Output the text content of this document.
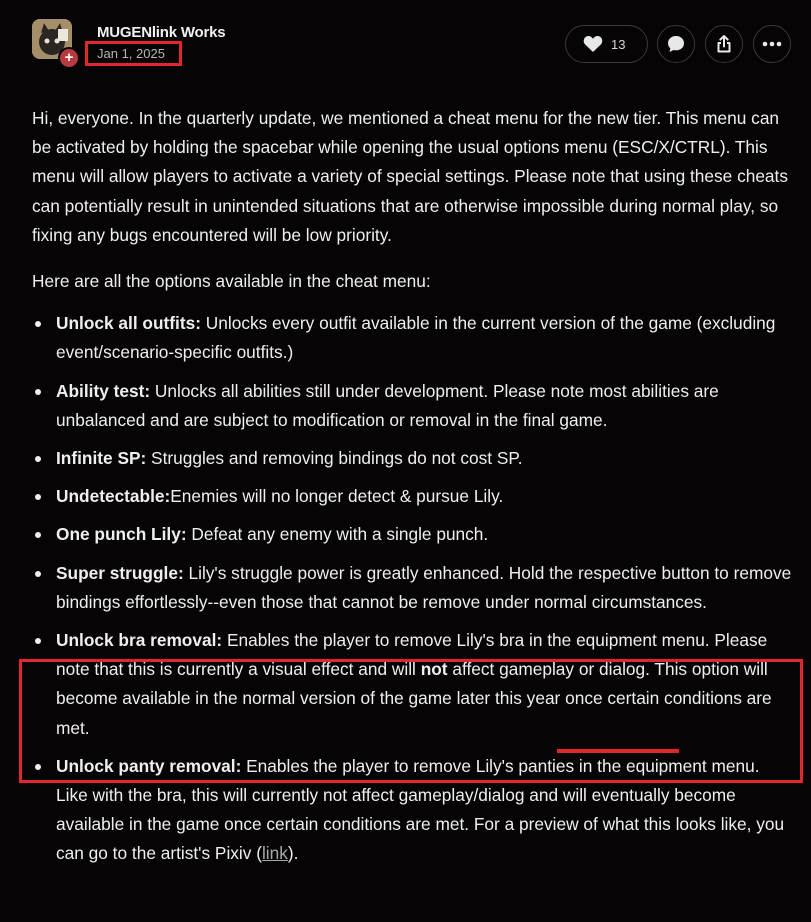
+
MUGENlink Works
Jan 1, 2025
13

Hi, everyone. In the quarterly update, we mentioned a cheat menu for the new tier. This menu can be activated by holding the spacebar while opening the usual options menu (ESC/X/CTRL). This menu will allow players to activate a variety of special settings. Please note that using these cheats can potentially result in unintended situations that are otherwise impossible during normal play, so fixing any bugs encountered will be low priority.

Here are all the options available in the cheat menu:

Unlock all outfits: Unlocks every outfit available in the current version of the game (excluding event/scenario-specific outfits.)
Ability test: Unlocks all abilities still under development. Please note most abilities are unbalanced and are subject to modification or removal in the final game.
Infinite SP: Struggles and removing bindings do not cost SP.
Undetectable:Enemies will no longer detect & pursue Lily.
One punch Lily: Defeat any enemy with a single punch.
Super struggle: Lily's struggle power is greatly enhanced. Hold the respective button to remove bindings effortlessly--even those that cannot be remove under normal circumstances.
Unlock bra removal: Enables the player to remove Lily's bra in the equipment menu. Please note that this is currently a visual effect and will not affect gameplay or dialog. This option will become available in the normal version of the game later this year once certain conditions are met.
Unlock panty removal: Enables the player to remove Lily's panties in the equipment menu. Like with the bra, this will currently not affect gameplay/dialog and will eventually become available in the game once certain conditions are met. For a preview of what this looks like, you can go to the artist's Pixiv (link).
